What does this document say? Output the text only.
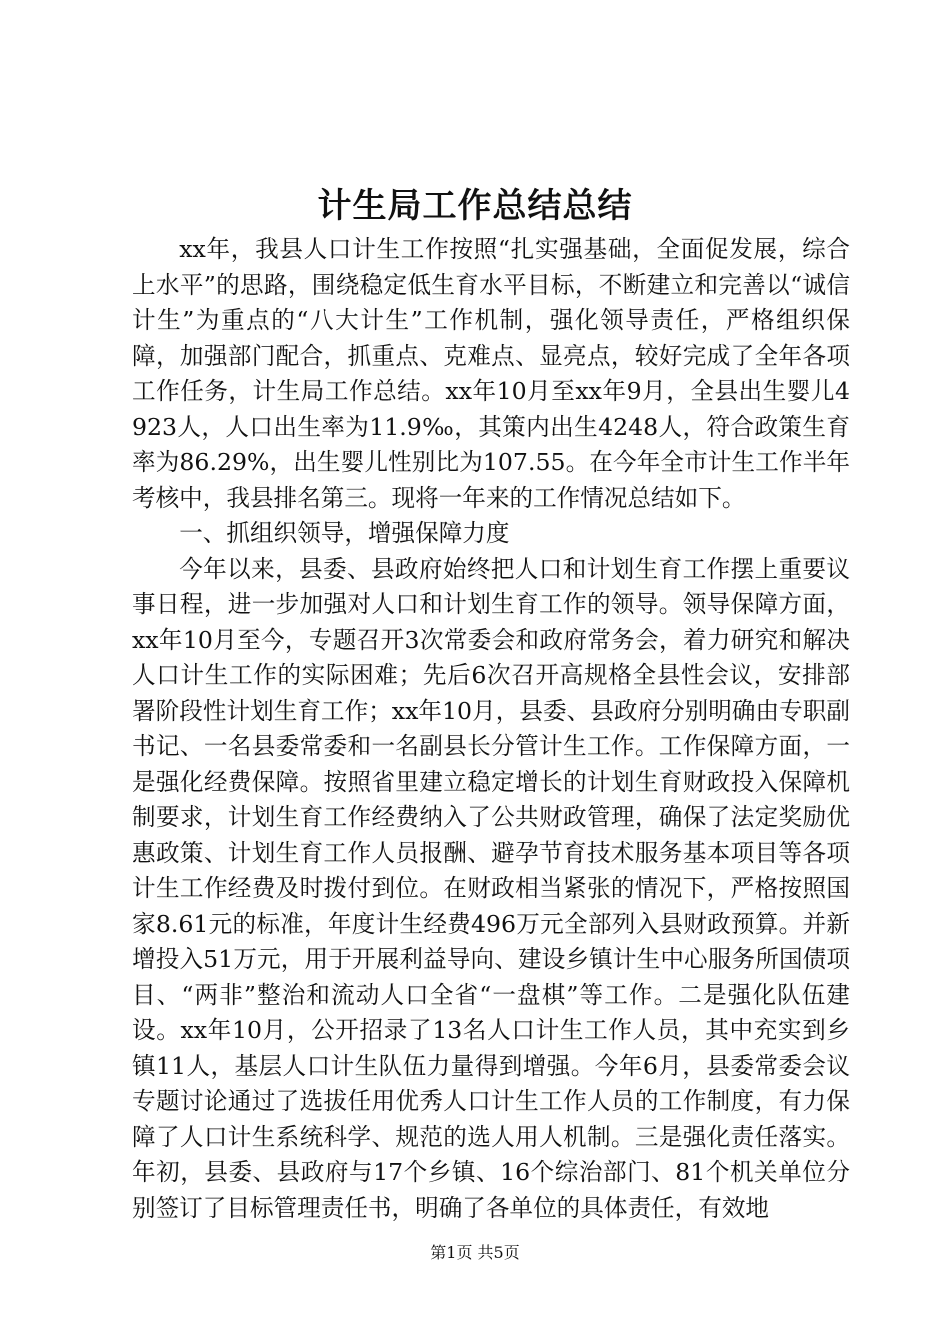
计生局工作总结总结

xx年，我县人口计生工作按照“扎实强基础，全面促发展，综合上水平”的思路，围绕稳定低生育水平目标，不断建立和完善以“诚信计生”为重点的“八大计生”工作机制，强化领导责任，严格组织保障，加强部门配合，抓重点、克难点、显亮点，较好完成了全年各项工作任务，计生局工作总结。xx年10月至xx年9月，全县出生婴儿4923人，人口出生率为11.9‰，其策内出生4248人，符合政策生育率为86.29%，出生婴儿性别比为107.55。在今年全市计生工作半年考核中，我县排名第三。现将一年来的工作情况总结如下。

一、抓组织领导，增强保障力度

今年以来，县委、县政府始终把人口和计划生育工作摆上重要议事日程，进一步加强对人口和计划生育工作的领导。领导保障方面，xx年10月至今，专题召开3次常委会和政府常务会，着力研究和解决人口计生工作的实际困难；先后6次召开高规格全县性会议，安排部署阶段性计划生育工作；xx年10月，县委、县政府分别明确由专职副书记、一名县委常委和一名副县长分管计生工作。工作保障方面，一是强化经费保障。按照省里建立稳定增长的计划生育财政投入保障机制要求，计划生育工作经费纳入了公共财政管理，确保了法定奖励优惠政策、计划生育工作人员报酬、避孕节育技术服务基本项目等各项计生工作经费及时拨付到位。在财政相当紧张的情况下，严格按照国家8.61元的标准，年度计生经费496万元全部列入县财政预算。并新增投入51万元，用于开展利益导向、建设乡镇计生中心服务所国债项目、“两非”整治和流动人口全省“一盘棋”等工作。二是强化队伍建设。xx年10月，公开招录了13名人口计生工作人员，其中充实到乡镇11人，基层人口计生队伍力量得到增强。今年6月，县委常委会议专题讨论通过了选拔任用优秀人口计生工作人员的工作制度，有力保障了人口计生系统科学、规范的选人用人机制。三是强化责任落实。年初，县委、县政府与17个乡镇、16个综治部门、81个机关单位分别签订了目标管理责任书，明确了各单位的具体责任，有效地

第1页 共5页
